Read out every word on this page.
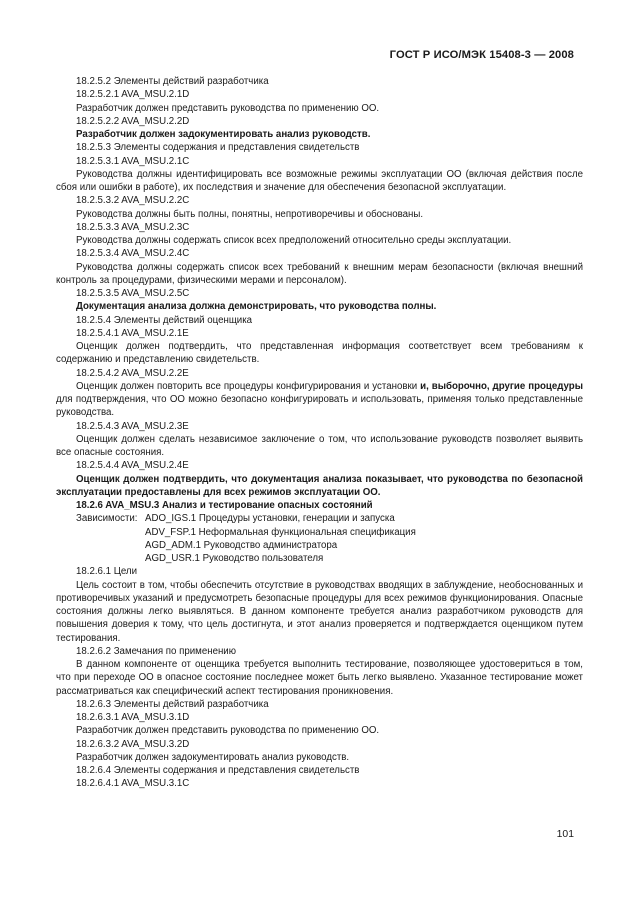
ГОСТ Р ИСО/МЭК 15408-3 — 2008
18.2.5.2 Элементы действий разработчика
18.2.5.2.1 AVA_MSU.2.1D
Разработчик должен представить руководства по применению ОО.
18.2.5.2.2 AVA_MSU.2.2D
Разработчик должен задокументировать анализ руководств.
18.2.5.3 Элементы содержания и представления свидетельств
18.2.5.3.1 AVA_MSU.2.1C
Руководства должны идентифицировать все возможные режимы эксплуатации ОО (включая действия после сбоя или ошибки в работе), их последствия и значение для обеспечения безопасной эксплуатации.
18.2.5.3.2 AVA_MSU.2.2C
Руководства должны быть полны, понятны, непротиворечивы и обоснованы.
18.2.5.3.3 AVA_MSU.2.3C
Руководства должны содержать список всех предположений относительно среды эксплуатации.
18.2.5.3.4 AVA_MSU.2.4C
Руководства должны содержать список всех требований к внешним мерам безопасности (включая внешний контроль за процедурами, физическими мерами и персоналом).
18.2.5.3.5 AVA_MSU.2.5C
Документация анализа должна демонстрировать, что руководства полны.
18.2.5.4 Элементы действий оценщика
18.2.5.4.1 AVA_MSU.2.1E
Оценщик должен подтвердить, что представленная информация соответствует всем требованиям к содержанию и представлению свидетельств.
18.2.5.4.2 AVA_MSU.2.2E
Оценщик должен повторить все процедуры конфигурирования и установки и, выборочно, другие процедуры для подтверждения, что ОО можно безопасно конфигурировать и использовать, применяя только представленные руководства.
18.2.5.4.3 AVA_MSU.2.3E
Оценщик должен сделать независимое заключение о том, что использование руководств позволяет выявить все опасные состояния.
18.2.5.4.4 AVA_MSU.2.4E
Оценщик должен подтвердить, что документация анализа показывает, что руководства по безопасной эксплуатации предоставлены для всех режимов эксплуатации ОО.
18.2.6 AVA_MSU.3 Анализ и тестирование опасных состояний
Зависимости: ADO_IGS.1 Процедуры установки, генерации и запуска
ADV_FSP.1 Неформальная функциональная спецификация
AGD_ADM.1 Руководство администратора
AGD_USR.1 Руководство пользователя
18.2.6.1 Цели
Цель состоит в том, чтобы обеспечить отсутствие в руководствах вводящих в заблуждение, необоснованных и противоречивых указаний и предусмотреть безопасные процедуры для всех режимов функционирования. Опасные состояния должны легко выявляться. В данном компоненте требуется анализ разработчиком руководств для повышения доверия к тому, что цель достигнута, и этот анализ проверяется и подтверждается оценщиком путем тестирования.
18.2.6.2 Замечания по применению
В данном компоненте от оценщика требуется выполнить тестирование, позволяющее удостовериться в том, что при переходе ОО в опасное состояние последнее может быть легко выявлено. Указанное тестирование может рассматриваться как специфический аспект тестирования проникновения.
18.2.6.3 Элементы действий разработчика
18.2.6.3.1 AVA_MSU.3.1D
Разработчик должен представить руководства по применению ОО.
18.2.6.3.2 AVA_MSU.3.2D
Разработчик должен задокументировать анализ руководств.
18.2.6.4 Элементы содержания и представления свидетельств
18.2.6.4.1 AVA_MSU.3.1C
101
